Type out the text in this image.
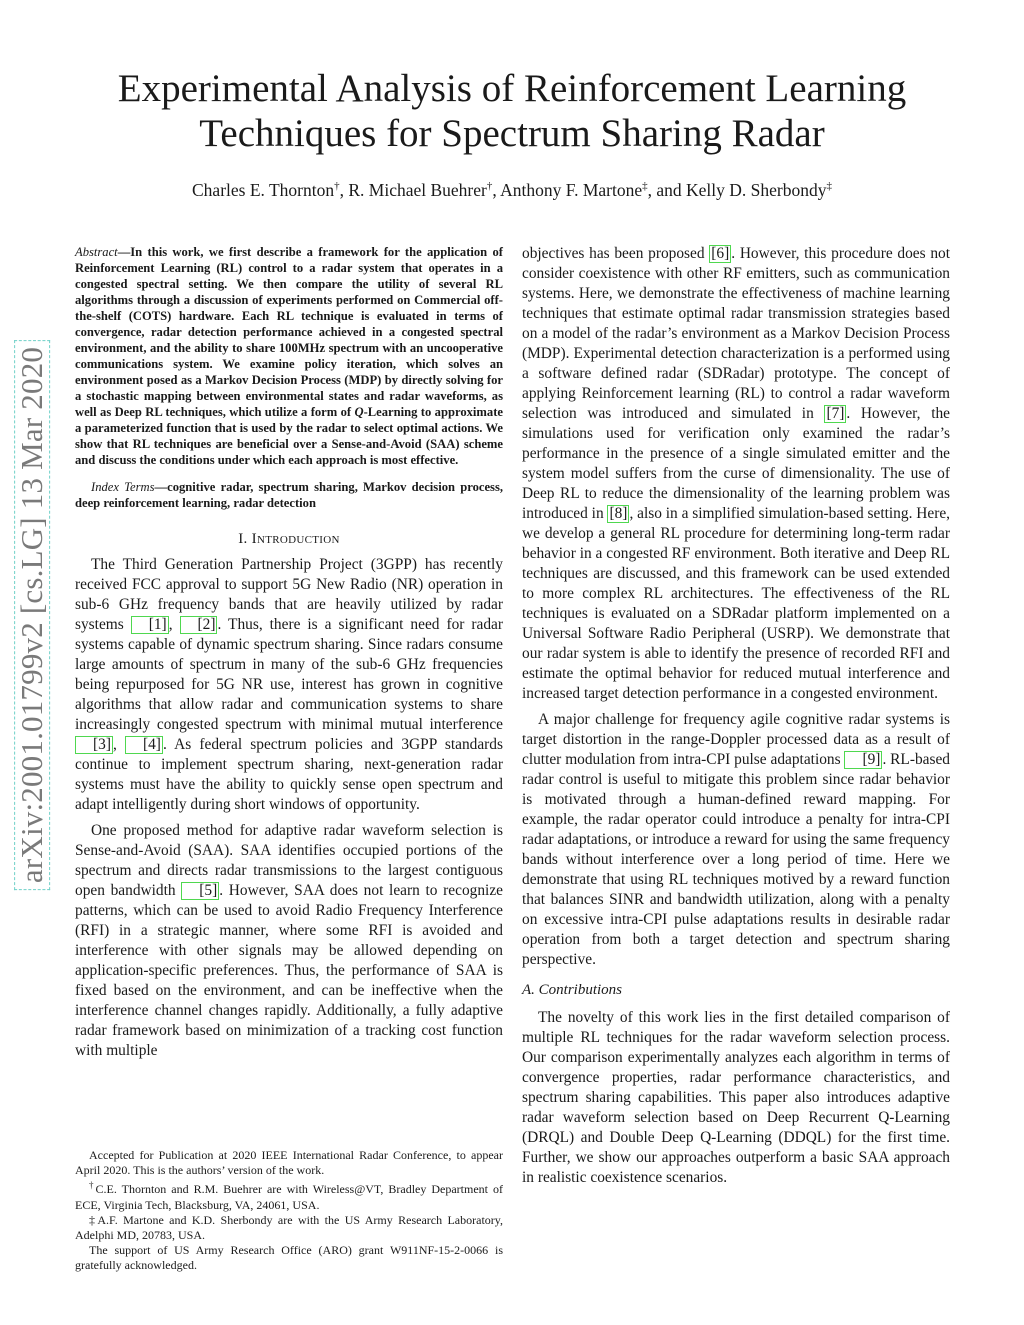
Experimental Analysis of Reinforcement Learning Techniques for Spectrum Sharing Radar
Charles E. Thornton†, R. Michael Buehrer†, Anthony F. Martone‡, and Kelly D. Sherbondy‡
arXiv:2001.01799v2 [cs.LG] 13 Mar 2020

Abstract—In this work, we first describe a framework for the application of Reinforcement Learning (RL) control to a radar system that operates in a congested spectral setting. We then compare the utility of several RL algorithms through a discussion of experiments performed on Commercial off-the-shelf (COTS) hardware. Each RL technique is evaluated in terms of convergence, radar detection performance achieved in a congested spectral environment, and the ability to share 100MHz spectrum with an uncooperative communications system. We examine policy iteration, which solves an environment posed as a Markov Decision Process (MDP) by directly solving for a stochastic mapping between environmental states and radar waveforms, as well as Deep RL techniques, which utilize a form of Q-Learning to approximate a parameterized function that is used by the radar to select optimal actions. We show that RL techniques are beneficial over a Sense-and-Avoid (SAA) scheme and discuss the conditions under which each approach is most effective.

Index Terms—cognitive radar, spectrum sharing, Markov decision process, deep reinforcement learning, radar detection

I. Introduction

The Third Generation Partnership Project (3GPP) has recently received FCC approval to support 5G New Radio (NR) operation in sub-6 GHz frequency bands that are heavily utilized by radar systems [1] , [2] . Thus, there is a significant need for radar systems capable of dynamic spectrum sharing. Since radars consume large amounts of spectrum in many of the sub-6 GHz frequencies being repurposed for 5G NR use, interest has grown in cognitive algorithms that allow radar and communication systems to share increasingly congested spectrum with minimal mutual interference [3] , [4] . As federal spectrum policies and 3GPP standards continue to implement spectrum sharing, next-generation radar systems must have the ability to quickly sense open spectrum and adapt intelligently during short windows of opportunity.

One proposed method for adaptive radar waveform selection is Sense-and-Avoid (SAA). SAA identifies occupied portions of the spectrum and directs radar transmissions to the largest contiguous open bandwidth [5] . However, SAA does not learn to recognize patterns, which can be used to avoid Radio Frequency Interference (RFI) in a strategic manner, where some RFI is avoided and interference with other signals may be allowed depending on application-specific preferences. Thus, the performance of SAA is fixed based on the environment, and can be ineffective when the interference channel changes rapidly. Additionally, a fully adaptive radar framework based on minimization of a tracking cost function with multiple

Accepted for Publication at 2020 IEEE International Radar Conference, to appear April 2020. This is the authors’ version of the work.

†C.E. Thornton and R.M. Buehrer are with Wireless@VT, Bradley Department of ECE, Virginia Tech, Blacksburg, VA, 24061, USA.

‡A.F. Martone and K.D. Sherbondy are with the US Army Research Laboratory, Adelphi MD, 20783, USA.

The support of US Army Research Office (ARO) grant W911NF-15-2-0066 is gratefully acknowledged.

objectives has been proposed [6] . However, this procedure does not consider coexistence with other RF emitters, such as communication systems. Here, we demonstrate the effectiveness of machine learning techniques that estimate optimal radar transmission strategies based on a model of the radar’s environment as a Markov Decision Process (MDP). Experimental detection characterization is a performed using a software defined radar (SDRadar) prototype. The concept of applying Reinforcement learning (RL) to control a radar waveform selection was introduced and simulated in [7] . However, the simulations used for verification only examined the radar’s performance in the presence of a single simulated emitter and the system model suffers from the curse of dimensionality. The use of Deep RL to reduce the dimensionality of the learning problem was introduced in [8] , also in a simplified simulation-based setting. Here, we develop a general RL procedure for determining long-term radar behavior in a congested RF environment. Both iterative and Deep RL techniques are discussed, and this framework can be used extended to more complex RL architectures. The effectiveness of the RL techniques is evaluated on a SDRadar platform implemented on a Universal Software Radio Peripheral (USRP). We demonstrate that our radar system is able to identify the presence of recorded RFI and estimate the optimal behavior for reduced mutual interference and increased target detection performance in a congested environment.

A major challenge for frequency agile cognitive radar systems is target distortion in the range-Doppler processed data as a result of clutter modulation from intra-CPI pulse adaptations [9] . RL-based radar control is useful to mitigate this problem since radar behavior is motivated through a human-defined reward mapping. For example, the radar operator could introduce a penalty for intra-CPI radar adaptations, or introduce a reward for using the same frequency bands without interference over a long period of time. Here we demonstrate that using RL techniques motived by a reward function that balances SINR and bandwidth utilization, along with a penalty on excessive intra-CPI pulse adaptations results in desirable radar operation from both a target detection and spectrum sharing perspective.

A. Contributions

The novelty of this work lies in the first detailed comparison of multiple RL techniques for the radar waveform selection process. Our comparison experimentally analyzes each algorithm in terms of convergence properties, radar performance characteristics, and spectrum sharing capabilities. This paper also introduces adaptive radar waveform selection based on Deep Recurrent Q-Learning (DRQL) and Double Deep Q-Learning (DDQL) for the first time. Further, we show our approaches outperform a basic SAA approach in realistic coexistence scenarios.
